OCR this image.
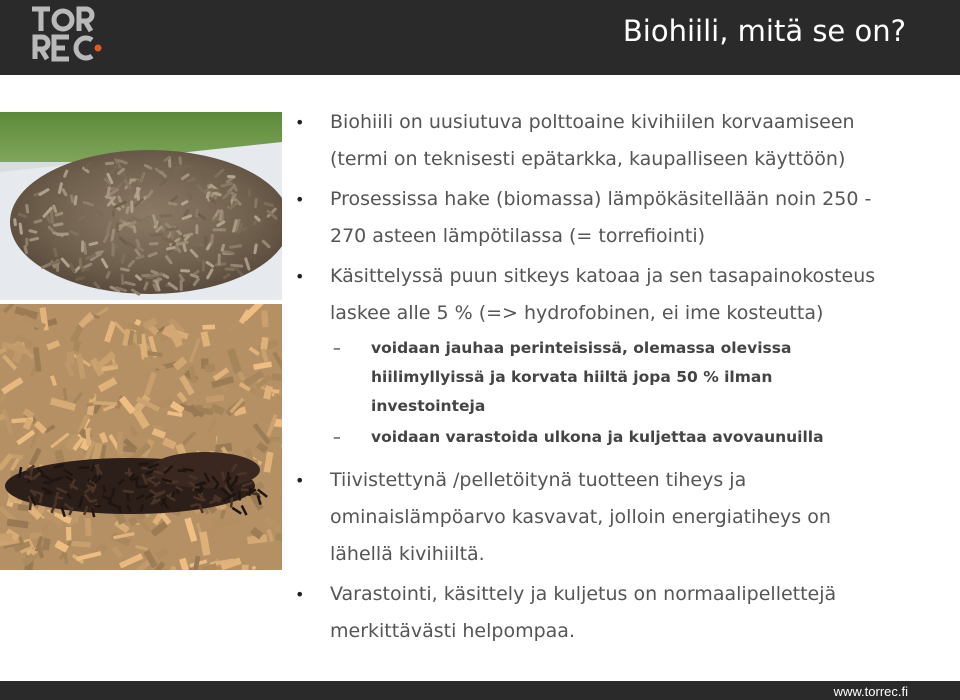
Biohiili, mitä se on?
• Biohiili on uusiutuva polttoaine kivihiilen korvaamiseen
(termi on teknisesti epätarkka, kaupalliseen käyttöön)
• Prosessissa hake (biomassa) lämpökäsitellään noin 250 -
270 asteen lämpötilassa (= torrefiointi)
• Käsittelyssä puun sitkeys katoaa ja sen tasapainokosteus
laskee alle 5 % (=> hydrofobinen, ei ime kosteutta)
– voidaan jauhaa perinteisissä, olemassa olevissa
hiilimyllyissä ja korvata hiiltä jopa 50 % ilman investointeja
– voidaan varastoida ulkona ja kuljettaa avovaunuilla
• Tiivistettynä /pelletöitynä tuotteen tiheys ja
ominaislämpöarvo kasvavat, jolloin energiatiheys on
lähellä kivihiiltä.
• Varastointi, käsittely ja kuljetus on normaalipellettejä
merkittävästi helpompaa.
www.torrec.fi
